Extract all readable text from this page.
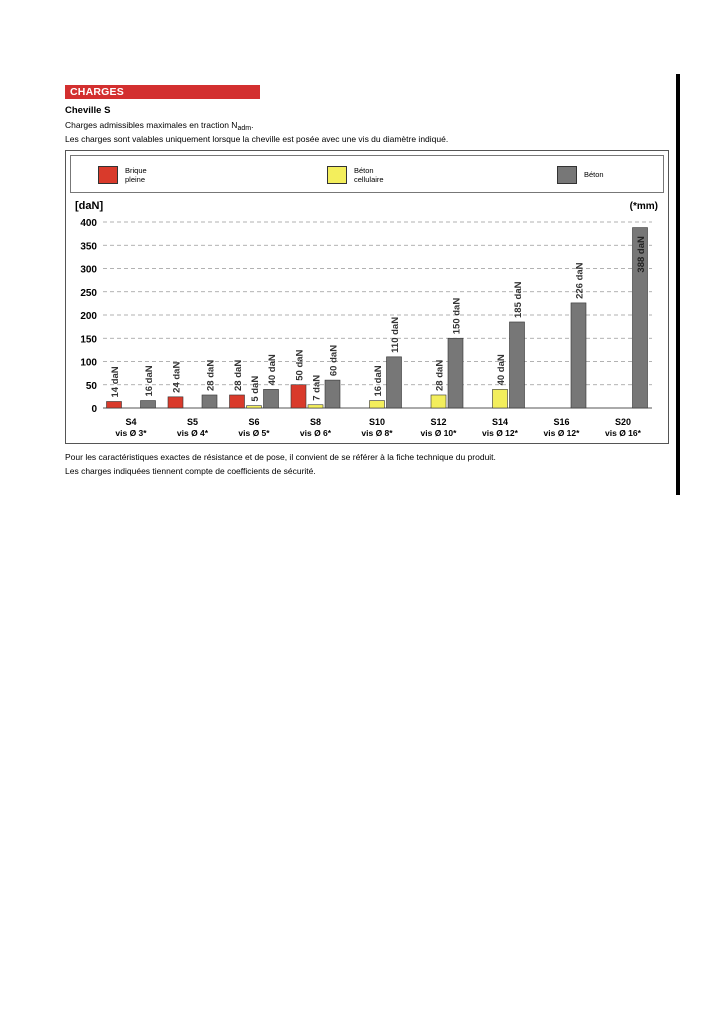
CHARGES
Cheville S
Charges admissibles maximales en traction $N_{adm}$.
Les charges sont valables uniquement lorsque la cheville est posée avec une vis du diamètre indiqué.
Brique
pleine
Béton
cellulaire
Béton
[daN]	(*mm)
0
50
100
150
200
250
300
350
400
14 daN 16 daN
S4
vis Ø 3*
24 daN 28 daN
S5
vis Ø 4*
28 daN 5 daN
40 daN
S6
vis Ø 5*
50 daN
7 daN
60 daN
S8
vis Ø 6*
16 daN
110 daN
S10
vis Ø 8*
28 daN
150 daN
S12
vis Ø 10*
40 daN
185 daN
S14
vis Ø 12*
226 daN
S16
vis Ø 12*
388 daN
S20
vis Ø 16*
Pour les caractéristiques exactes de résistance et de pose, il convient de se référer à la fiche technique du produit.
Les charges indiquées tiennent compte de coefficients de sécurité.
